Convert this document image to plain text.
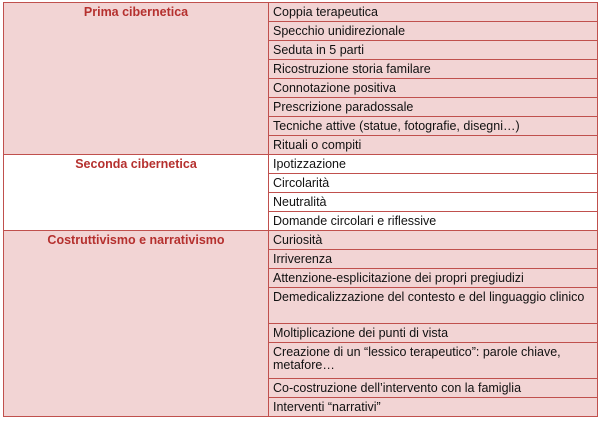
Prima cibernetica	Coppia terapeutica
	Specchio unidirezionale
	Seduta in 5 parti
	Ricostruzione storia familare
	Connotazione positiva
	Prescrizione paradossale
	Tecniche attive (statue, fotografie, disegni…)
	Rituali o compiti
Seconda cibernetica	Ipotizzazione
	Circolarità
	Neutralità
	Domande circolari e riflessive
Costruttivismo e narrativismo	Curiosità
	Irriverenza
	Attenzione-esplicitazione dei propri pregiudizi
	Demedicalizzazione del contesto e del linguaggio clinico
	Moltiplicazione dei punti di vista
	Creazione di un “lessico terapeutico”: parole chiave, metafore…
	Co-costruzione dell’intervento con la famiglia
	Interventi “narrativi”
